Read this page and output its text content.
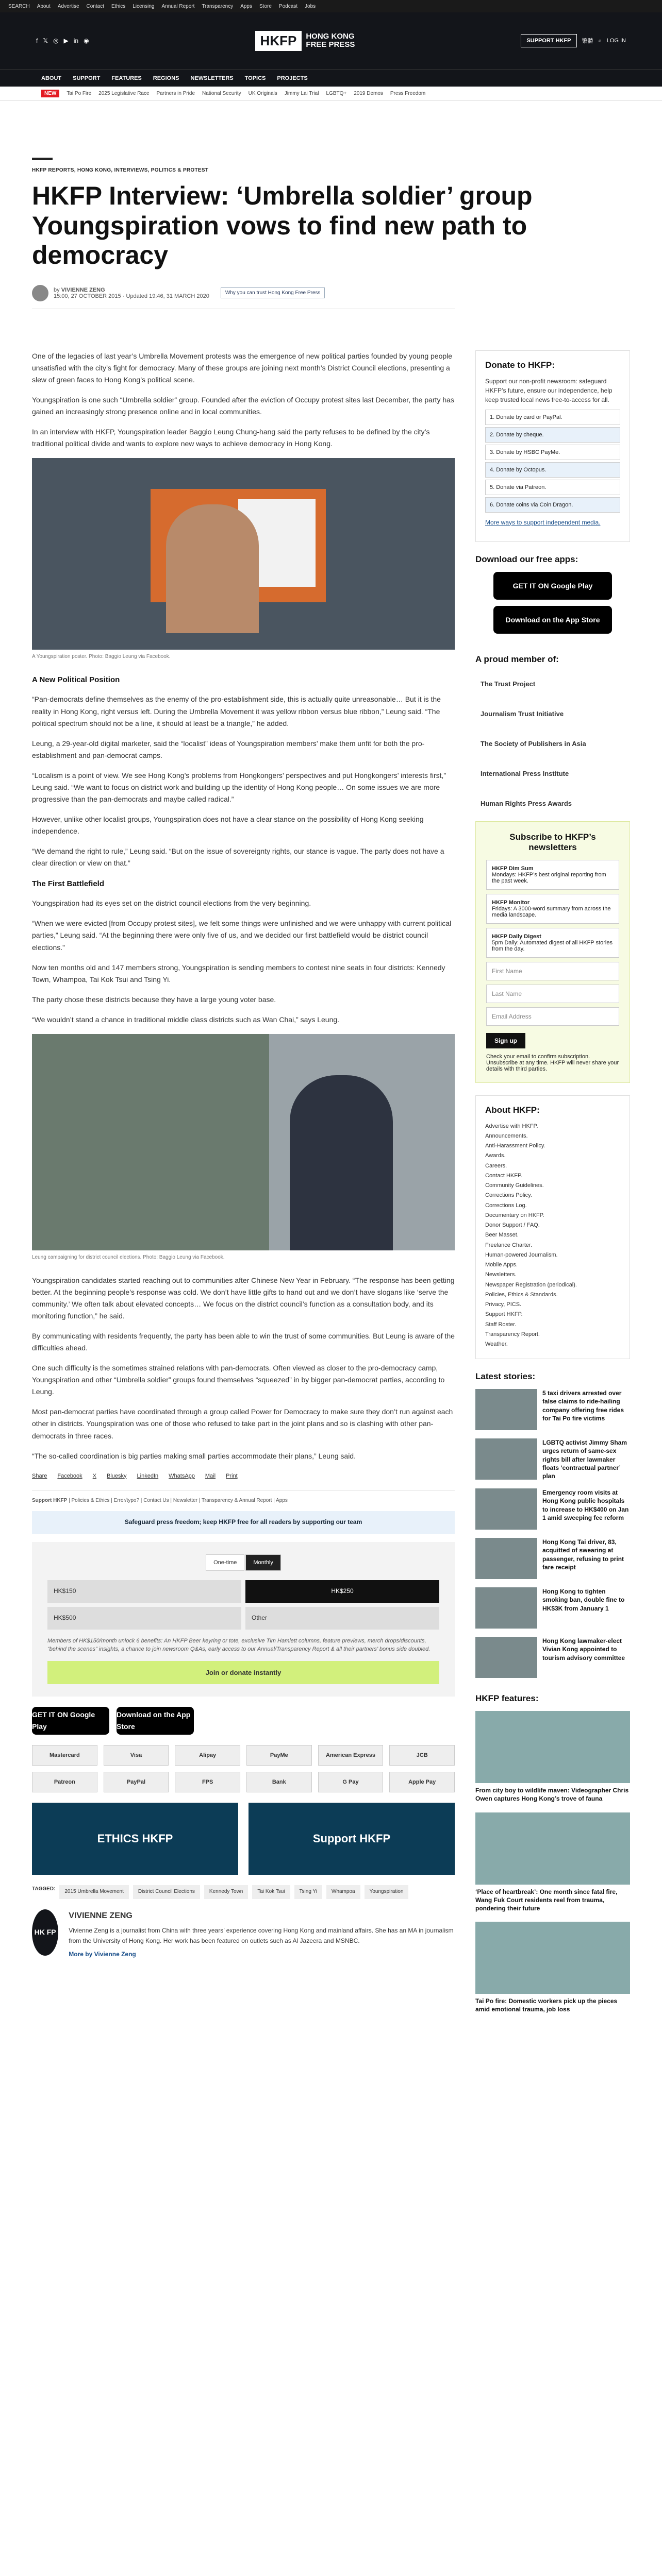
SEARCH About Advertise Contact Ethics Licensing Annual Report Transparency Apps Store Podcast Jobs
f 𝕏 ◎ ▶ in ◉	HKFP	HONG KONG
FREE PRESS	SUPPORT HKFP	繁體 ⌕ LOG IN
ABOUT SUPPORT FEATURES REGIONS NEWSLETTERS TOPICS PROJECTS
NEW	Tai Po Fire 2025 Legislative Race Partners in Pride National Security UK Originals Jimmy Lai Trial LGBTQ+ 2019 Demos Press Freedom
HKFP REPORTS, HONG KONG, INTERVIEWS, POLITICS & PROTEST
HKFP Interview: ‘Umbrella soldier’ group Youngspiration vows to find new path to democracy
by VIVIENNE ZENG
15:00, 27 OCTOBER 2015 · Updated 19:46, 31 MARCH 2020	Why you can trust Hong Kong Free Press

One of the legacies of last year’s Umbrella Movement protests was the emergence of new political parties founded by young people unsatisfied with the city’s fight for democracy. Many of these groups are joining next month’s District Council elections, presenting a slew of green faces to Hong Kong’s political scene.

Youngspiration is one such “Umbrella soldier” group. Founded after the eviction of Occupy protest sites last December, the party has gained an increasingly strong presence online and in local communities.

In an interview with HKFP, Youngspiration leader Baggio Leung Chung-hang said the party refuses to be defined by the city’s traditional political divide and wants to explore new ways to achieve democracy in Hong Kong.

A Youngspiration poster. Photo: Baggio Leung via Facebook.
A New Political Position

“Pan-democrats define themselves as the enemy of the pro-establishment side, this is actually quite unreasonable… But it is the reality in Hong Kong, right versus left. During the Umbrella Movement it was yellow ribbon versus blue ribbon,” Leung said. “The political spectrum should not be a line, it should at least be a triangle,” he added.

Leung, a 29-year-old digital marketer, said the “localist” ideas of Youngspiration members’ make them unfit for both the pro-establishment and pan-democrat camps.

“Localism is a point of view. We see Hong Kong’s problems from Hongkongers’ perspectives and put Hongkongers’ interests first,” Leung said. “We want to focus on district work and building up the identity of Hong Kong people… On some issues we are more progressive than the pan-democrats and maybe called radical.”

However, unlike other localist groups, Youngspiration does not have a clear stance on the possibility of Hong Kong seeking independence.

“We demand the right to rule,” Leung said. “But on the issue of sovereignty rights, our stance is vague. The party does not have a clear direction or view on that.”

The First Battlefield

Youngspiration had its eyes set on the district council elections from the very beginning.

“When we were evicted [from Occupy protest sites], we felt some things were unfinished and we were unhappy with current political parties,” Leung said. “At the beginning there were only five of us, and we decided our first battlefield would be district council elections.”

Now ten months old and 147 members strong, Youngspiration is sending members to contest nine seats in four districts: Kennedy Town, Whampoa, Tai Kok Tsui and Tsing Yi.

The party chose these districts because they have a large young voter base.

“We wouldn’t stand a chance in traditional middle class districts such as Wan Chai,” says Leung.

Leung campaigning for district council elections. Photo: Baggio Leung via Facebook.

Youngspiration candidates started reaching out to communities after Chinese New Year in February. “The response has been getting better. At the beginning people’s response was cold. We don’t have little gifts to hand out and we don’t have slogans like ‘serve the community.’ We often talk about elevated concepts… We focus on the district council’s function as a consultation body, and its monitoring function,” he said.

By communicating with residents frequently, the party has been able to win the trust of some communities. But Leung is aware of the difficulties ahead.

One such difficulty is the sometimes strained relations with pan-democrats. Often viewed as closer to the pro-democracy camp, Youngspiration and other “Umbrella soldier” groups found themselves “squeezed” in by bigger pan-democrat parties, according to Leung.

Most pan-democrat parties have coordinated through a group called Power for Democracy to make sure they don’t run against each other in districts. Youngspiration was one of those who refused to take part in the joint plans and so is clashing with other pan-democrats in three races.

“The so-called coordination is big parties making small parties accommodate their plans,” Leung said.

Share Facebook X Bluesky LinkedIn WhatsApp Mail Print
Support HKFP | Policies & Ethics | Error/typo? | Contact Us | Newsletter | Transparency & Annual Report | Apps
Safeguard press freedom; keep HKFP free for all readers by supporting our team
One-time	Monthly
HK$150	HK$250
HK$500	Other

Members of HK$150/month unlock 6 benefits: An HKFP Beer keyring or tote, exclusive Tim Hamlett columns, feature previews, merch drops/discounts, “behind the scenes” insights, a chance to join newsroom Q&As, early access to our Annual/Transparency Report & all their partners’ bonus side doubled.

Join or donate instantly
GET IT ON Google Play
Download on the App Store
Mastercard	Visa	Alipay	PayMe	American Express	JCB
Patreon	PayPal	FPS	Bank	G Pay	Apple Pay
ETHICS HKFP	Support HKFP
TAGGED:	2015 Umbrella Movement	District Council Elections	Kennedy Town	Tai Kok Tsui	Tsing Yi	Whampoa	Youngspiration
HK FP
VIVIENNE ZENG

Vivienne Zeng is a journalist from China with three years’ experience covering Hong Kong and mainland affairs. She has an MA in journalism from the University of Hong Kong. Her work has been featured on outlets such as Al Jazeera and MSNBC.

More by Vivienne Zeng
Donate to HKFP:

Support our non-profit newsroom: safeguard HKFP’s future, ensure our independence, help keep trusted local news free-to-access for all.

1. Donate by card or PayPal.
2. Donate by cheque.
3. Donate by HSBC PayMe.
4. Donate by Octopus.
5. Donate via Patreon.
6. Donate coins via Coin Dragon.

More ways to support independent media.

Download our free apps:
GET IT ON Google Play
Download on the App Store
A proud member of:
The Trust Project
Journalism Trust Initiative
The Society of Publishers in Asia
International Press Institute
Human Rights Press Awards
Subscribe to HKFP’s newsletters
HKFP Dim Sum
Mondays: HKFP’s best original reporting from the past week.
HKFP Monitor
Fridays: A 3000-word summary from across the media landscape.
HKFP Daily Digest
5pm Daily: Automated digest of all HKFP stories from the day.
First Name
Last Name
Email Address
Sign up

Check your email to confirm subscription. Unsubscribe at any time. HKFP will never share your details with third parties.

About HKFP:
Advertise with HKFP.
Announcements.
Anti-Harassment Policy.
Awards.
Careers.
Contact HKFP.
Community Guidelines.
Corrections Policy.
Corrections Log.
Documentary on HKFP.
Donor Support / FAQ.
Beer Masset.
Freelance Charter.
Human-powered Journalism.
Mobile Apps.
Newsletters.
Newspaper Registration (periodical).
Policies, Ethics & Standards.
Privacy, PICS.
Support HKFP.
Staff Roster.
Transparency Report.
Weather.
Latest stories:
5 taxi drivers arrested over false claims to ride-hailing company offering free rides for Tai Po fire victims
LGBTQ activist Jimmy Sham urges return of same-sex rights bill after lawmaker floats ‘contractual partner’ plan
Emergency room visits at Hong Kong public hospitals to increase to HK$400 on Jan 1 amid sweeping fee reform
Hong Kong Tai driver, 83, acquitted of swearing at passenger, refusing to print fare receipt
Hong Kong to tighten smoking ban, double fine to HK$3K from January 1
Hong Kong lawmaker-elect Vivian Kong appointed to tourism advisory committee
HKFP features:
From city boy to wildlife maven: Videographer Chris Owen captures Hong Kong’s trove of fauna
‘Place of heartbreak’: One month since fatal fire, Wang Fuk Court residents reel from trauma, pondering their future
Tai Po fire: Domestic workers pick up the pieces amid emotional trauma, job loss
